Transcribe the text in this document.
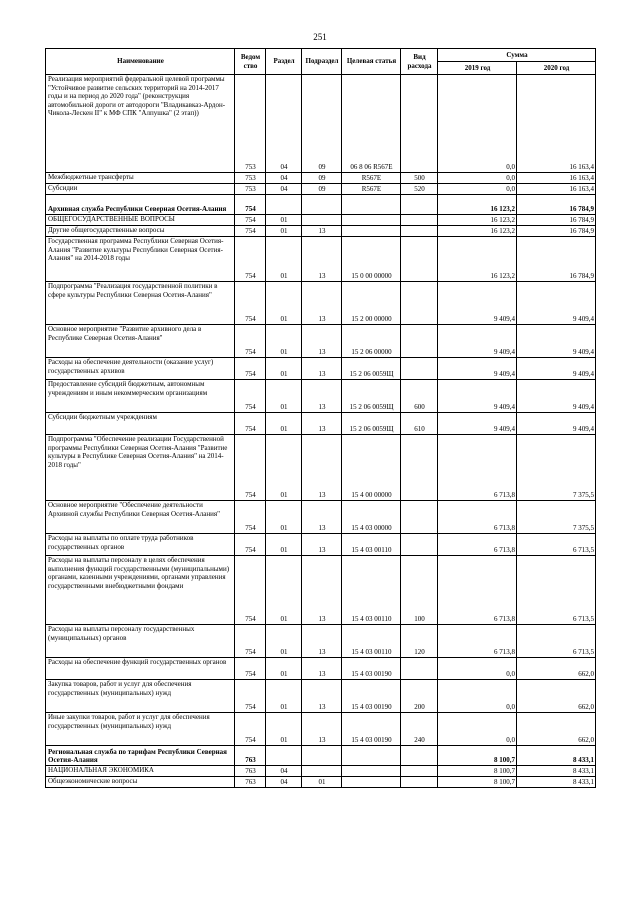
251
Наименование	Ведом ство	Раздел	Подраздел	Целевая статья	Вид расхода	Сумма	
						2019 год	2020 год
Реализация мероприятий федеральной целевой программы "Устойчивое развитие сельских территорий на 2014-2017 годы и на период до 2020 года" (реконструкция автомобильной дороги от автодороги "Владикавказ-Ардон-Чикола-Лескен II" к МФ СПК "Алпушка" (2 этап))	753	04	09	06 8 06 R567E		0,0	16 163,4
Межбюджетные трансферты	753	04	09	R567E	500	0,0	16 163,4
Субсидии	753	04	09	R567E	520	0,0	16 163,4
Архивная служба Республики Северная Осетия-Алания	754					16 123,2	16 784,9
ОБЩЕГОСУДАРСТВЕННЫЕ ВОПРОСЫ	754	01				16 123,2	16 784,9
Другие общегосударственные вопросы	754	01	13			16 123,2	16 784,9
Государственная программа Республики Северная Осетия-Алания "Развитие культуры Республики Северная Осетия-Алания" на 2014-2018 годы	754	01	13	15 0 00 00000		16 123,2	16 784,9
Подпрограмма "Реализация государственной политики в сфере культуры Республики Северная Осетия-Алания"	754	01	13	15 2 00 00000		9 409,4	9 409,4
Основное мероприятие "Развитие архивного дела в Республике Северная Осетия-Алания"	754	01	13	15 2 06 00000		9 409,4	9 409,4
Расходы на обеспечение деятельности (оказание услуг) государственных архивов	754	01	13	15 2 06 0059Щ		9 409,4	9 409,4
Предоставление субсидий бюджетным, автономным учреждениям и иным некоммерческим организациям	754	01	13	15 2 06 0059Щ	600	9 409,4	9 409,4
Субсидии бюджетным учреждениям	754	01	13	15 2 06 0059Щ	610	9 409,4	9 409,4
Подпрограмма "Обеспечение реализации Государственной программы Республики Северная Осетия-Алания "Развитие культуры в Республике Северная Осетия-Алания" на 2014-2018 годы"	754	01	13	15 4 00 00000		6 713,8	7 375,5
Основное мероприятие "Обеспечение деятельности Архивной службы Республики Северная Осетия-Алания"	754	01	13	15 4 03 00000		6 713,8	7 375,5
Расходы на выплаты по оплате труда работников государственных органов	754	01	13	15 4 03 00110		6 713,8	6 713,5
Расходы на выплаты персоналу в целях обеспечения выполнения функций государственными (муниципальными) органами, казенными учреждениями, органами управления государственными внебюджетными фондами	754	01	13	15 4 03 00110	100	6 713,8	6 713,5
Расходы на выплаты персоналу государственных (муниципальных) органов	754	01	13	15 4 03 00110	120	6 713,8	6 713,5
Расходы на обеспечение функций государственных органов	754	01	13	15 4 03 00190		0,0	662,0
Закупка товаров, работ и услуг для обеспечения государственных (муниципальных) нужд	754	01	13	15 4 03 00190	200	0,0	662,0
Иные закупки товаров, работ и услуг для обеспечения государственных (муниципальных) нужд	754	01	13	15 4 03 00190	240	0,0	662,0
Региональная служба по тарифам Республики Северная Осетия-Алания	763					8 100,7	8 433,1
НАЦИОНАЛЬНАЯ ЭКОНОМИКА	763	04				8 100,7	8 433,1
Общеэкономические вопросы	763	04	01			8 100,7	8 433,1
